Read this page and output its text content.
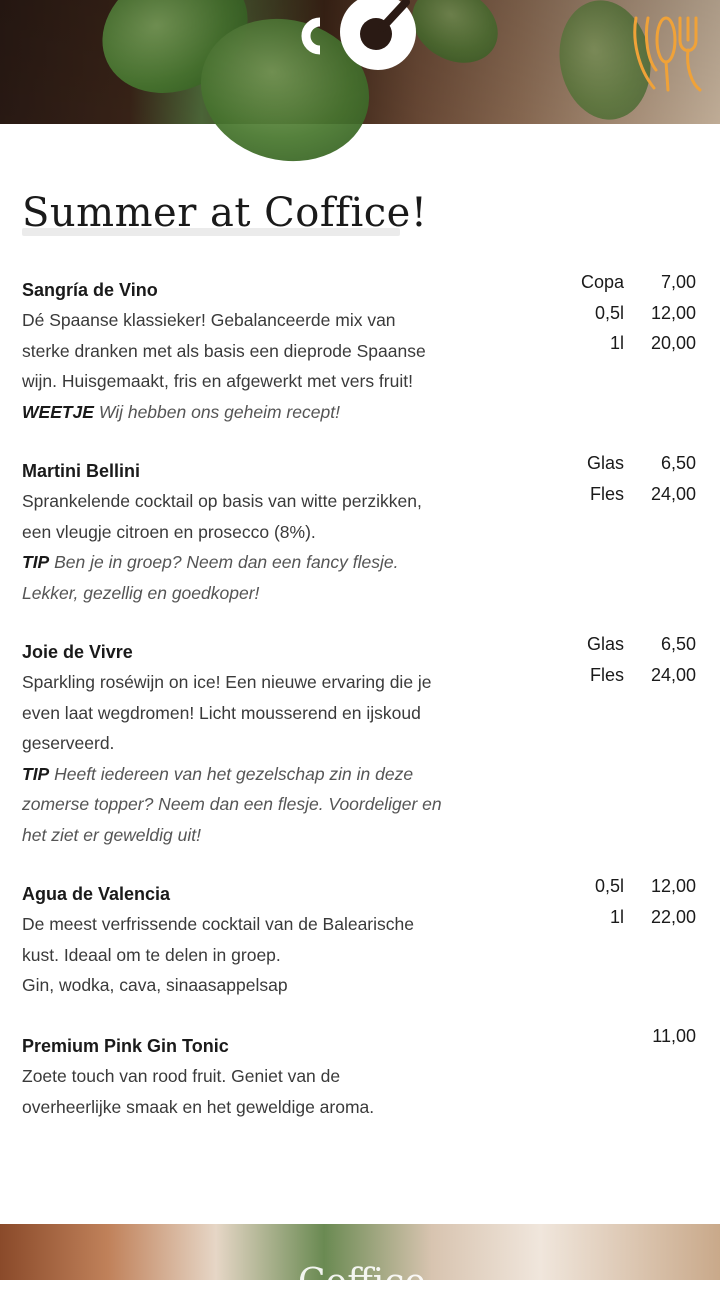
Summer at Coffice!
Sangría de Vino
Dé Spaanse klassieker! Gebalanceerde mix van
sterke dranken met als basis een dieprode Spaanse
wijn. Huisgemaakt, fris en afgewerkt met vers fruit!
WEETJE Wij hebben ons geheim recept!
Copa	7,00
0,5l	12,00
1l	20,00
Martini Bellini
Sprankelende cocktail op basis van witte perzikken,
een vleugje citroen en prosecco (8%).
TIP Ben je in groep? Neem dan een fancy flesje.
Lekker, gezellig en goedkoper!
Glas	6,50
Fles	24,00
Joie de Vivre
Sparkling roséwijn on ice! Een nieuwe ervaring die je
even laat wegdromen! Licht mousserend en ijskoud
geserveerd.
TIP Heeft iedereen van het gezelschap zin in deze
zomerse topper? Neem dan een flesje. Voordeliger en
het ziet er geweldig uit!
Glas	6,50
Fles	24,00
Agua de Valencia
De meest verfrissende cocktail van de Balearische
kust. Ideaal om te delen in groep.
Gin, wodka, cava, sinaasappelsap
0,5l	12,00
1l	22,00
Premium Pink Gin Tonic
Zoete touch van rood fruit. Geniet van de
overheerlijke smaak en het geweldige aroma.
11,00
Coffice
